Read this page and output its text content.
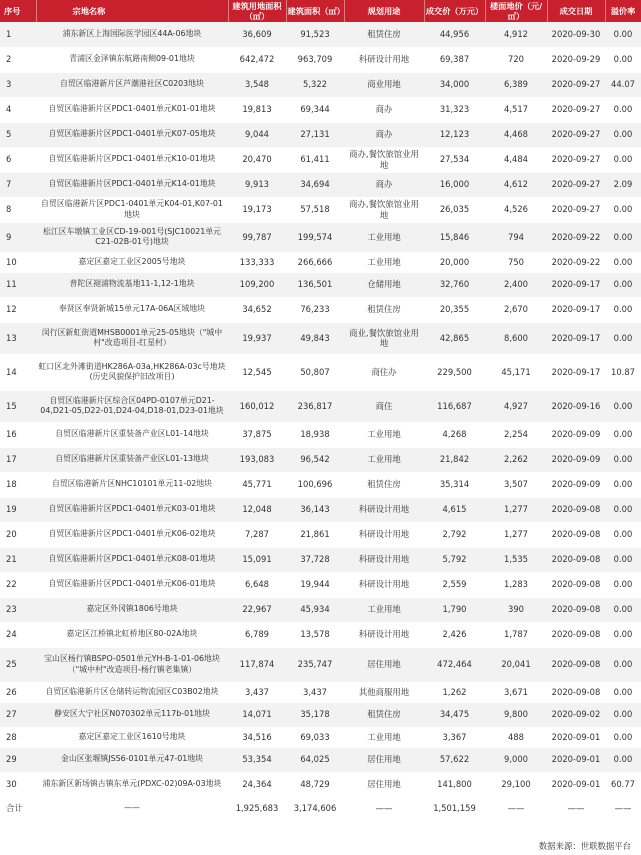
序号	宗地名称	建筑用地面积（㎡）	建筑面积（㎡）	规划用途	成交价（万元）	楼面地价（元/㎡）	成交日期	溢价率
1	浦东新区上海国际医学园区44A-06地块	36,609	91,523	租赁住房	44,956	4,912	2020-09-30	0.00
2	青浦区金泽镇东航路南侧09-01地块	642,472	963,709	科研设计用地	69,387	720	2020-09-29	0.00
3	自贸区临港新片区芦潮港社区C0203地块	3,548	5,322	商业用地	34,000	6,389	2020-09-27	44.07
4	自贸区临港新片区PDC1-0401单元K01-01地块	19,813	69,344	商办	31,323	4,517	2020-09-27	0.00
5	自贸区临港新片区PDC1-0401单元K07-05地块	9,044	27,131	商办	12,123	4,468	2020-09-27	0.00
6	自贸区临港新片区PDC1-0401单元K10-01地块	20,470	61,411	商办,餐饮旅馆业用地	27,534	4,484	2020-09-27	0.00
7	自贸区临港新片区PDC1-0401单元K14-01地块	9,913	34,694	商办	16,000	4,612	2020-09-27	2.09
8	自贸区临港新片区PDC1-0401单元K04-01,K07-01地块	19,173	57,518	商办,餐饮旅馆业用地	26,035	4,526	2020-09-27	0.00
9	松江区车墩镇工业区CD-19-001号(SJC10021单元C21-02B-01号)地块	99,787	199,574	工业用地	15,846	794	2020-09-22	0.00
10	嘉定区嘉定工业区2005号地块	133,333	266,666	工业用地	20,000	750	2020-09-22	0.00
11	普陀区褪浦物流基地11-1,12-1地块	109,200	136,501	仓储用地	32,760	2,400	2020-09-17	0.00
12	奉贤区奉贤新城15单元17A-06A区域地块	34,652	76,233	租赁住房	20,355	2,670	2020-09-17	0.00
13	闵行区新虹街道MHSB0001单元25-05地块（"城中村"改造项目-红星村）	19,937	49,843	商业,餐饮旅馆业用地	42,865	8,600	2020-09-17	0.00
14	虹口区北外滩街道HK286A-03a,HK286A-03c号地块(历史风貌保护旧改项目)	12,545	50,807	商住办	229,500	45,171	2020-09-17	10.87
15	自贸区临港新片区综合区04PD-0107单元D21-04,D21-05,D22-01,D24-04,D18-01,D23-01地块	160,012	236,817	商住	116,687	4,927	2020-09-16	0.00
16	自贸区临港新片区重装备产业区L01-14地块	37,875	18,938	工业用地	4,268	2,254	2020-09-09	0.00
17	自贸区临港新片区重装备产业区L01-13地块	193,083	96,542	工业用地	21,842	2,262	2020-09-09	0.00
18	自贸区临港新片区NHC10101单元11-02地块	45,771	100,696	租赁住房	35,314	3,507	2020-09-09	0.00
19	自贸区临港新片区PDC1-0401单元K03-01地块	12,048	36,143	科研设计用地	4,615	1,277	2020-09-08	0.00
20	自贸区临港新片区PDC1-0401单元K06-02地块	7,287	21,861	科研设计用地	2,792	1,277	2020-09-08	0.00
21	自贸区临港新片区PDC1-0401单元K08-01地块	15,091	37,728	科研设计用地	5,792	1,535	2020-09-08	0.00
22	自贸区临港新片区PDC1-0401单元K06-01地块	6,648	19,944	科研设计用地	2,559	1,283	2020-09-08	0.00
23	嘉定区外冈镇1806号地块	22,967	45,934	工业用地	1,790	390	2020-09-08	0.00
24	嘉定区江桥镇北虹桥地区80-02A地块	6,789	13,578	科研设计用地	2,426	1,787	2020-09-08	0.00
25	宝山区杨行镇BSPO-0501单元YH-B-1-01-06地块（"城中村"改造项目-杨行镇老集镇）	117,874	235,747	居住用地	472,464	20,041	2020-09-08	0.00
26	自贸区临港新片区仓储转运物流园区C03B02地块	3,437	3,437	其他商服用地	1,262	3,671	2020-09-08	0.00
27	静安区大宁社区N070302单元117b-01地块	14,071	35,178	租赁住房	34,475	9,800	2020-09-02	0.00
28	嘉定区嘉定工业区1610号地块	34,516	69,033	工业用地	3,367	488	2020-09-01	0.00
29	金山区张堰镇JSS6-0101单元47-01地块	53,354	64,025	居住用地	57,622	9,000	2020-09-01	0.00
30	浦东新区新场镇古镇东单元(PDXC-02)09A-03地块	24,364	48,729	居住用地	141,800	29,100	2020-09-01	60.77
合计	——	1,925,683	3,174,606	——	1,501,159	——	——	——
数据来源：世联数据平台
